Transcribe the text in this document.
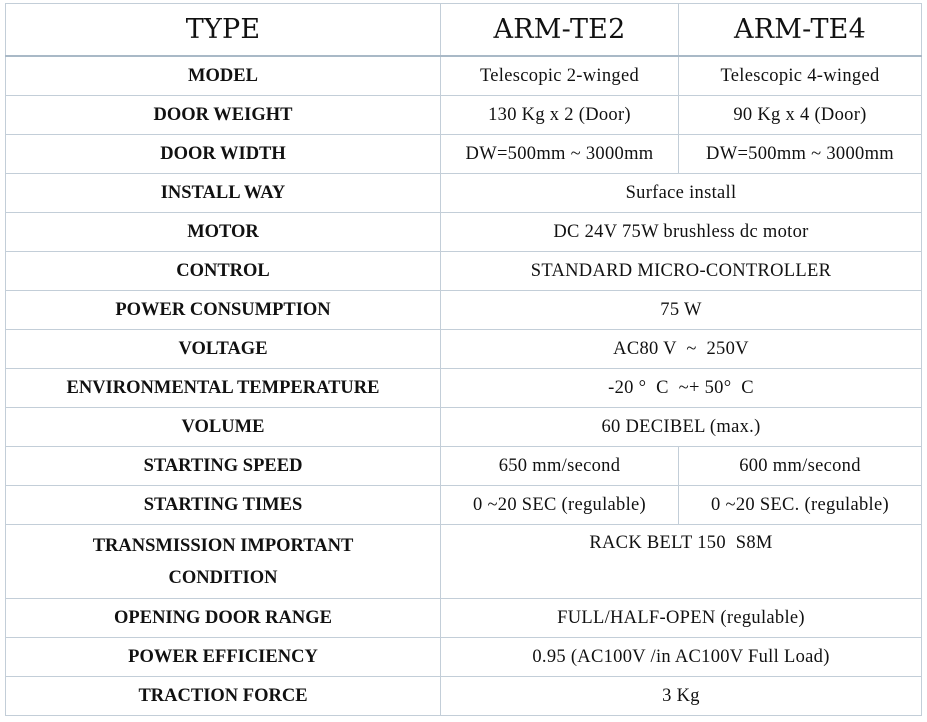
TYPE	ARM-TE2	ARM-TE4
MODEL	Telescopic 2-winged	Telescopic 4-winged
DOOR WEIGHT	130 Kg x 2 (Door)	90 Kg x 4 (Door)
DOOR WIDTH	DW=500mm ~ 3000mm	DW=500mm ~ 3000mm
INSTALL WAY	Surface install	
MOTOR	DC 24V 75W brushless dc motor	
CONTROL	STANDARD MICRO-CONTROLLER	
POWER CONSUMPTION	75 W	
VOLTAGE	AC80 V  ~  250V	
ENVIRONMENTAL TEMPERATURE	-20 °  C  ~+ 50°  C	
VOLUME	60 DECIBEL (max.)	
STARTING SPEED	650 mm/second	600 mm/second
STARTING TIMES	0 ~20 SEC (regulable)	0 ~20 SEC. (regulable)
TRANSMISSION IMPORTANT CONDITION	RACK BELT 150  S8M	
OPENING DOOR RANGE	FULL/HALF-OPEN (regulable)	
POWER EFFICIENCY	0.95 (AC100V /in AC100V Full Load)	
TRACTION FORCE	3 Kg	
